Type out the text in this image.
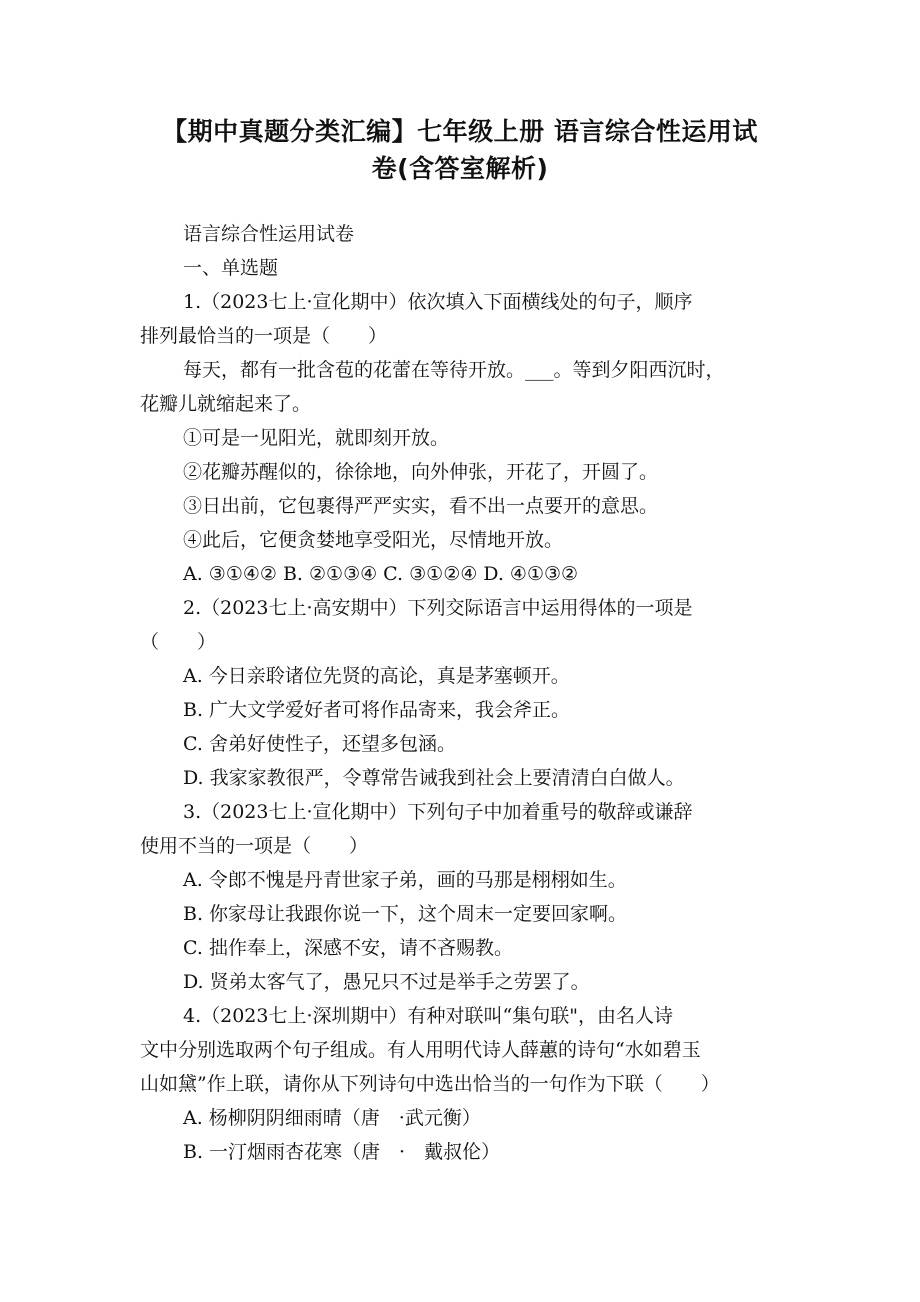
【期中真题分类汇编】七年级上册 语言综合性运用试
卷(含答室解析)
语言综合性运用试卷
一、单选题
1.（2023七上·宣化期中）依次填入下面横线处的句子，顺序
排列最恰当的一项是（　　）
每天，都有一批含苞的花蕾在等待开放。___。等到夕阳西沉时，
花瓣儿就缩起来了。
①可是一见阳光，就即刻开放。
②花瓣苏醒似的，徐徐地，向外伸张，开花了，开圆了。
③日出前，它包裹得严严实实，看不出一点要开的意思。
④此后，它便贪婪地享受阳光，尽情地开放。
A. ③①④② B. ②①③④ C. ③①②④ D. ④①③②
2.（2023七上·高安期中）下列交际语言中运用得体的一项是
（　　）
A. 今日亲聆诸位先贤的高论，真是茅塞顿开。
B. 广大文学爱好者可将作品寄来，我会斧正。
C. 舍弟好使性子，还望多包涵。
D. 我家家教很严，令尊常告诫我到社会上要清清白白做人。
3.（2023七上·宣化期中）下列句子中加着重号的敬辞或谦辞
使用不当的一项是（　　）
A. 令郎不愧是丹青世家子弟，画的马那是栩栩如生。
B. 你家母让我跟你说一下，这个周末一定要回家啊。
C. 拙作奉上，深感不安，请不吝赐教。
D. 贤弟太客气了，愚兄只不过是举手之劳罢了。
4.（2023七上·深圳期中）有种对联叫“集句联"，由名人诗
文中分别选取两个句子组成。有人用明代诗人薛蕙的诗句“水如碧玉
山如黛”作上联，请你从下列诗句中选出恰当的一句作为下联（　　）
A. 杨柳阴阴细雨晴（唐　·武元衡）
B. 一汀烟雨杏花寒（唐　·　戴叔伦）
